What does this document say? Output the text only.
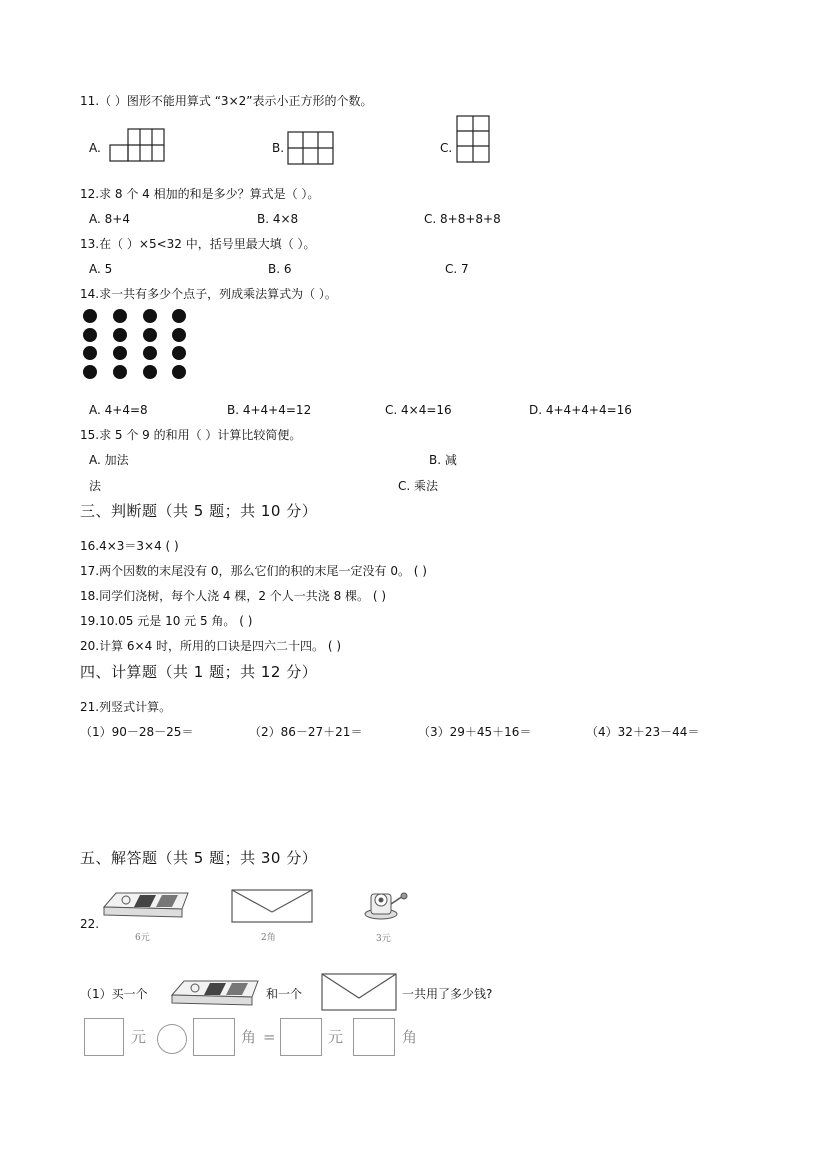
11.（ ）图形不能用算式 “3×2”表示小正方形的个数。
A.	B.	C.
12.求 8 个 4 相加的和是多少？算式是（ ）。
A. 8+4	B. 4×8	C. 8+8+8+8
13.在（ ）×5<32 中，括号里最大填（ ）。
A. 5	B. 6	C. 7
14.求一共有多少个点子，列成乘法算式为（ ）。
A. 4+4=8	B. 4+4+4=12	C. 4×4=16	D. 4+4+4+4=16
15.求 5 个 9 的和用（ ）计算比较简便。
A. 加法	B. 减
法	C. 乘法
三、判断题（共 5 题；共 10 分）
16.4×3＝3×4 ( )
17.两个因数的末尾没有 0，那么它们的积的末尾一定没有 0。 ( )
18.同学们浇树，每个人浇 4 棵，2 个人一共浇 8 棵。 ( )
19.10.05 元是 10 元 5 角。 ( )
20.计算 6×4 时，所用的口诀是四六二十四。 ( )
四、计算题（共 1 题；共 12 分）
21.列竖式计算。
（1）90－28－25＝	（2）86－27＋21＝	（3）29＋45＋16＝	（4）32＋23－44＝
五、解答题（共 5 题；共 30 分）
22.
6元	2角	3元
（1）买一个	和一个	一共用了多少钱?
元	角 =	元	角
